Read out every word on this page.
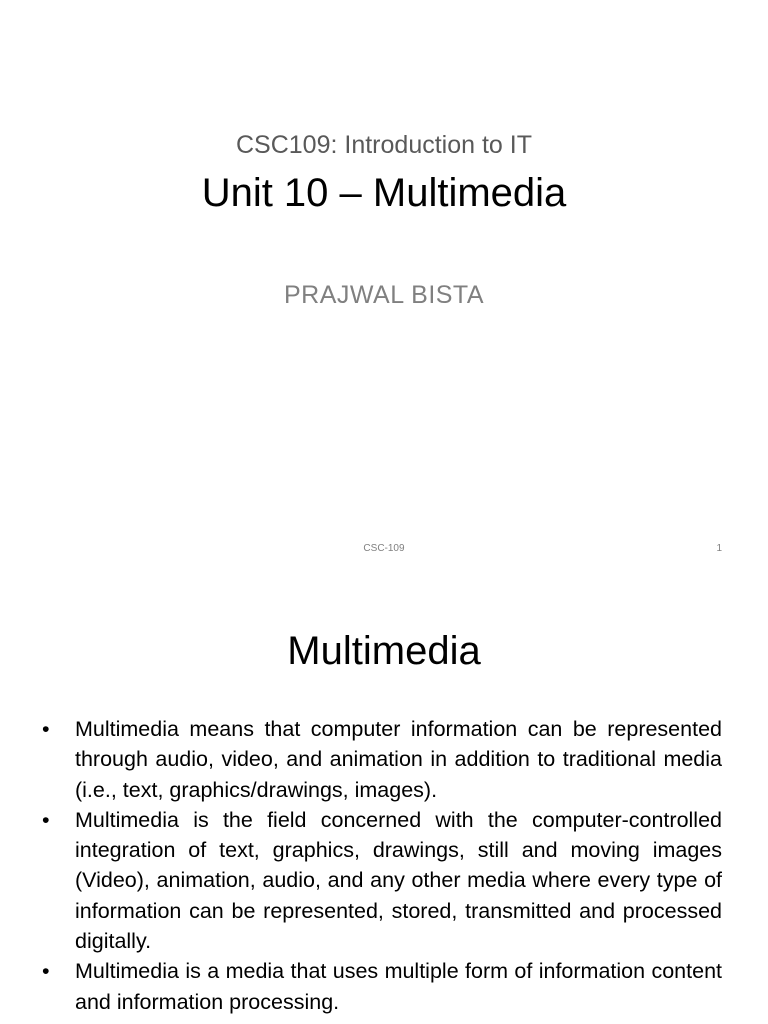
CSC109: Introduction to IT
Unit 10 – Multimedia
PRAJWAL BISTA
CSC-109	1
Multimedia
• Multimedia means that computer information can be represented through audio, video, and animation in addition to traditional media (i.e., text, graphics/drawings, images).
• Multimedia is the field concerned with the computer-controlled integration of text, graphics, drawings, still and moving images (Video), animation, audio, and any other media where every type of information can be represented, stored, transmitted and processed digitally.
• Multimedia is a media that uses multiple form of information content and information processing.
